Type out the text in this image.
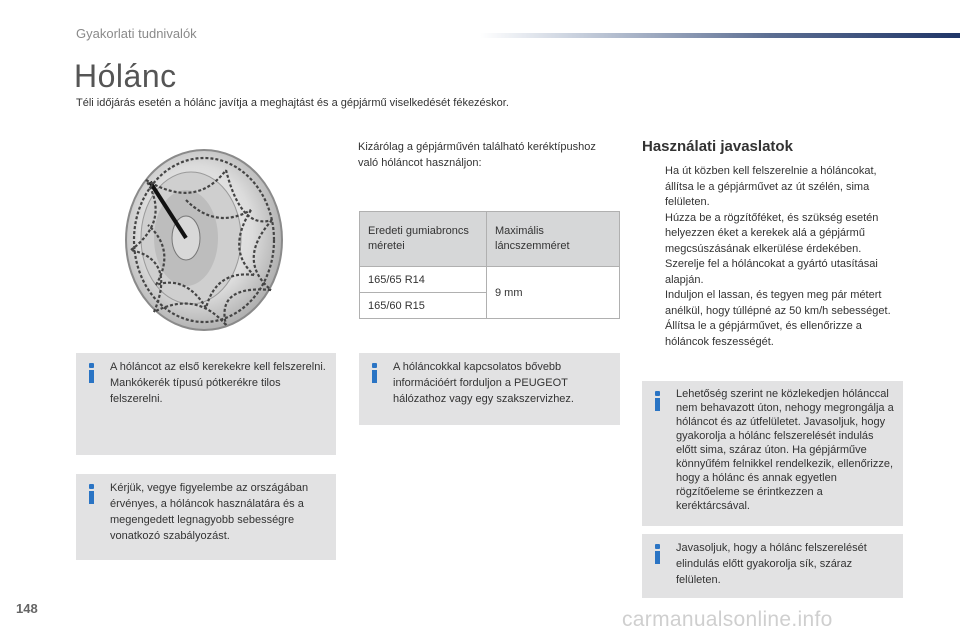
Gyakorlati tudnivalók
Hólánc
Téli időjárás esetén a hólánc javítja a meghajtást és a gépjármű viselkedését fékezéskor.
Kizárólag a gépjárművén található keréktípushoz való hóláncot használjon:
Eredeti gumiabroncs méretei	Maximális láncszemméret
165/65 R14	9 mm
165/60 R15	
A hóláncot az első kerekekre kell felszerelni. Mankókerék típusú pótkerékre tilos felszerelni.
Kérjük, vegye figyelembe az országában érvényes, a hóláncok használatára és a megengedett legnagyobb sebességre vonatkozó szabályozást.
A hóláncokkal kapcsolatos bővebb információért forduljon a PEUGEOT hálózathoz vagy egy szakszervizhez.
Használati javaslatok
Ha út közben kell felszerelnie a hóláncokat, állítsa le a gépjárművet az út szélén, sima felületen.
Húzza be a rögzítőféket, és szükség esetén helyezzen éket a kerekek alá a gépjármű megcsúszásának elkerülése érdekében.
Szerelje fel a hóláncokat a gyártó utasításai alapján.
Induljon el lassan, és tegyen meg pár métert anélkül, hogy túllépné az 50 km/h sebességet.
Állítsa le a gépjárművet, és ellenőrizze a hóláncok feszességét.
Lehetőség szerint ne közlekedjen hólánccal nem behavazott úton, nehogy megrongálja a hóláncot és az útfelületet. Javasoljuk, hogy gyakorolja a hólánc felszerelését indulás előtt sima, száraz úton. Ha gépjárműve könnyűfém felnikkel rendelkezik, ellenőrizze, hogy a hólánc és annak egyetlen rögzítőeleme se érintkezzen a keréktárcsával.
Javasoljuk, hogy a hólánc felszerelését elindulás előtt gyakorolja sík, száraz felületen.
148	carmanualsonline.info
